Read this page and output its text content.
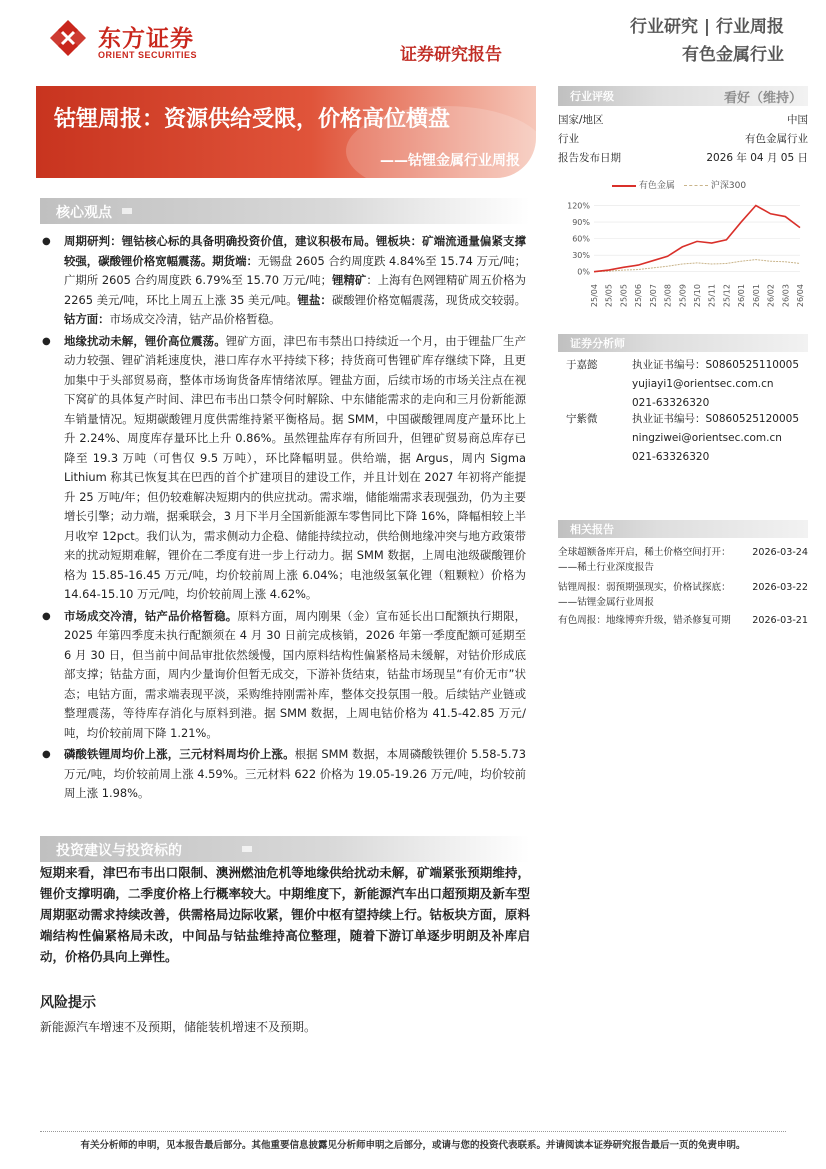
东方证券
ORIENT SECURITIES	证券研究报告
行业研究 | 行业周报
有色金属行业
钴锂周报：资源供给受限，价格高位横盘
——钴锂金属行业周报
核心观点
● 周期研判：锂钴核心标的具备明确投资价值，建议积极布局。锂板块：矿端流通量偏紧支撑较强，碳酸锂价格宽幅震荡。期货端：无锡盘 2605 合约周度跌 4.84%至 15.74 万元/吨；广期所 2605 合约周度跌 6.79%至 15.70 万元/吨；锂精矿：上海有色网锂精矿周五价格为 2265 美元/吨，环比上周五上涨 35 美元/吨。锂盐：碳酸锂价格宽幅震荡，现货成交较弱。钴方面：市场成交冷清，钴产品价格暂稳。
● 地缘扰动未解，锂价高位震荡。锂矿方面，津巴布韦禁出口持续近一个月，由于锂盐厂生产动力较强、锂矿消耗速度快，港口库存水平持续下移；持货商可售锂矿库存继续下降，且更加集中于头部贸易商，整体市场询货备库情绪浓厚。锂盐方面，后续市场的市场关注点在视下窝矿的具体复产时间、津巴布韦出口禁令何时解除、中东储能需求的走向和三月份新能源车销量情况。短期碳酸锂月度供需维持紧平衡格局。据 SMM，中国碳酸锂周度产量环比上升 2.24%、周度库存量环比上升 0.86%。虽然锂盐库存有所回升，但锂矿贸易商总库存已降至 19.3 万吨（可售仅 9.5 万吨），环比降幅明显。供给端，据 Argus，周内 Sigma Lithium 称其已恢复其在巴西的首个扩建项目的建设工作，并且计划在 2027 年初将产能提升 25 万吨/年；但仍较难解决短期内的供应扰动。需求端，储能端需求表现强劲，仍为主要增长引擎；动力端，据乘联会，3 月下半月全国新能源车零售同比下降 16%，降幅相较上半月收窄 12pct。我们认为，需求侧动力企稳、储能持续拉动，供给侧地缘冲突与地方政策带来的扰动短期难解，锂价在二季度有进一步上行动力。据 SMM 数据，上周电池级碳酸锂价格为 15.85-16.45 万元/吨，均价较前周上涨 6.04%；电池级氢氧化锂（粗颗粒）价格为 14.64-15.10 万元/吨，均价较前周上涨 4.62%。
● 市场成交冷清，钴产品价格暂稳。原料方面，周内刚果（金）宣布延长出口配额执行期限，2025 年第四季度未执行配额须在 4 月 30 日前完成核销，2026 年第一季度配额可延期至 6 月 30 日，但当前中间品审批依然缓慢，国内原料结构性偏紧格局未缓解，对钴价形成底部支撑；钴盐方面，周内少量询价但暂无成交，下游补货结束，钴盐市场现呈“有价无市”状态；电钴方面，需求端表现平淡，采购维持刚需补库，整体交投氛围一般。后续钴产业链或整理震荡，等待库存消化与原料到港。据 SMM 数据，上周电钴价格为 41.5-42.85 万元/吨，均价较前周下降 1.21%。
● 磷酸铁锂周均价上涨，三元材料周均价上涨。根据 SMM 数据，本周磷酸铁锂价 5.58-5.73 万元/吨，均价较前周上涨 4.59%。三元材料 622 价格为 19.05-19.26 万元/吨，均价较前周上涨 1.98%。
投资建议与投资标的
短期来看，津巴布韦出口限制、澳洲燃油危机等地缘供给扰动未解，矿端紧张预期维持，锂价支撑明确，二季度价格上行概率较大。中期维度下，新能源汽车出口超预期及新车型周期驱动需求持续改善，供需格局边际收紧，锂价中枢有望持续上行。钴板块方面，原料端结构性偏紧格局未改，中间品与钴盐维持高位整理，随着下游订单逐步明朗及补库启动，价格仍具向上弹性。
风险提示
新能源汽车增速不及预期，储能装机增速不及预期。
有关分析师的申明，见本报告最后部分。其他重要信息披露见分析师申明之后部分，或请与您的投资代表联系。并请阅读本证券研究报告最后一页的免责申明。
行业评级	看好（维持）
国家/地区	中国
行业	有色金属行业
报告发布日期	2026 年 04 月 05 日
有色金属	沪深300
120%
90%
60%
30%
0%
25/04 25/05 25/05 25/06 25/07 25/08 25/09 25/10 25/11 25/12 26/01 26/01 26/02 26/03 26/04
证券分析师
于嘉懿	执业证书编号：S0860525110005
yujiayi1@orientsec.com.cn
021-63326320
宁紫微	执业证书编号：S0860525120005
ningziwei@orientsec.com.cn
021-63326320
相关报告
全球超额备库开启，稀土价格空间打开：
——稀土行业深度报告
2026-03-24
钴锂周报：弱预期强现实，价格试探底：
——钴锂金属行业周报
2026-03-22
有色周报：地缘博弈升级，错杀修复可期	2026-03-21
